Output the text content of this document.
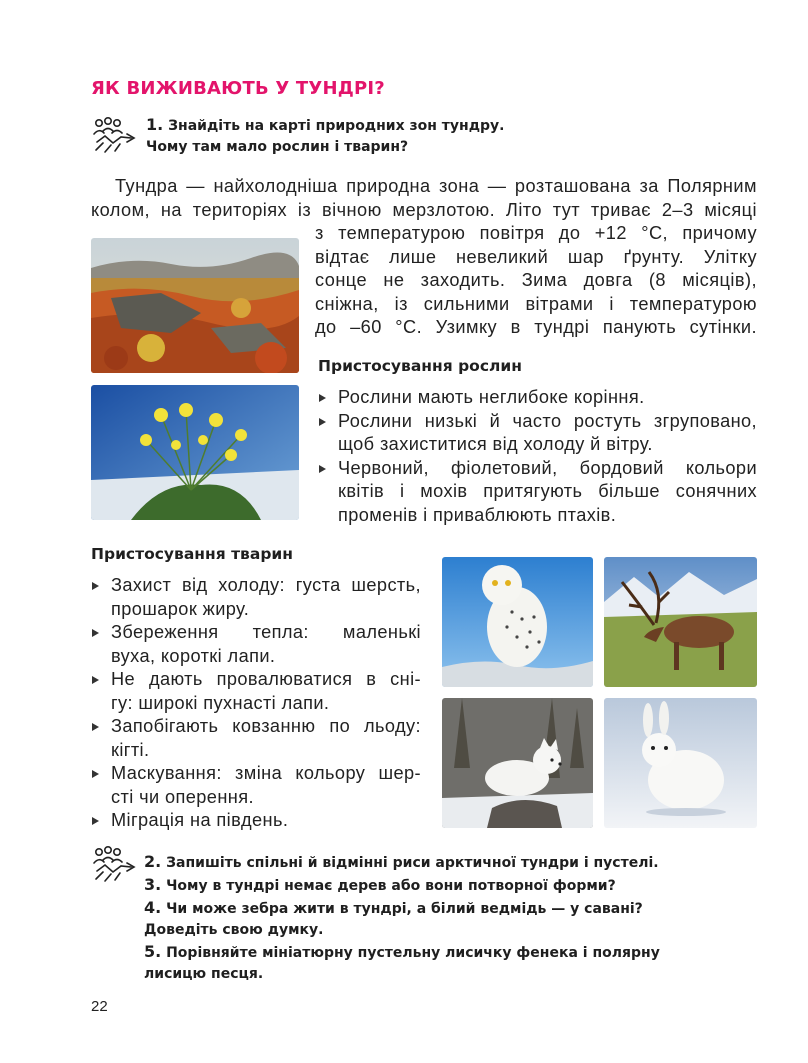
ЯК ВИЖИВАЮТЬ У ТУНДРІ?
1. Знайдіть на карті природних зон тундру.
Чому там мало рослин і тварин?
Тундра — найхолодніша природна зона — розташована за Полярним
колом, на територіях із вічною мерзлотою. Літо тут триває 2–3 місяці
з температурою повітря до +12 °С, причому
відтає лише невеликий шар ґрунту. Улітку
сонце не заходить. Зима довга (8 місяців),
сніжна, із сильними вітрами і температурою
до –60 °С. Узимку в тундрі панують сутінки.
Пристосування рослин
Рослини мають неглибоке коріння.
Рослини низькі й часто ростуть згруповано,
щоб захиститися від холоду й вітру.
Червоний, фіолетовий, бордовий кольори
квітів і мохів притягують більше сонячних
променів і приваблюють птахів.
Пристосування тварин
Захист від холоду: густа шерсть,
прошарок жиру.
Збереження тепла: маленькі
вуха, короткі лапи.
Не дають провалюватися в сні-
гу: широкі пухнасті лапи.
Запобігають ковзанню по льоду:
кігті.
Маскування: зміна кольору шер-
сті чи оперення.
Міграція на південь.
2. Запишіть спільні й відмінні риси арктичної тундри і пустелі.
3. Чому в тундрі немає дерев або вони потворної форми?
4. Чи може зебра жити в тундрі, а білий ведмідь — у савані?
Доведіть свою думку.
5. Порівняйте мініатюрну пустельну лисичку фенека і полярну
лисицю песця.
22
